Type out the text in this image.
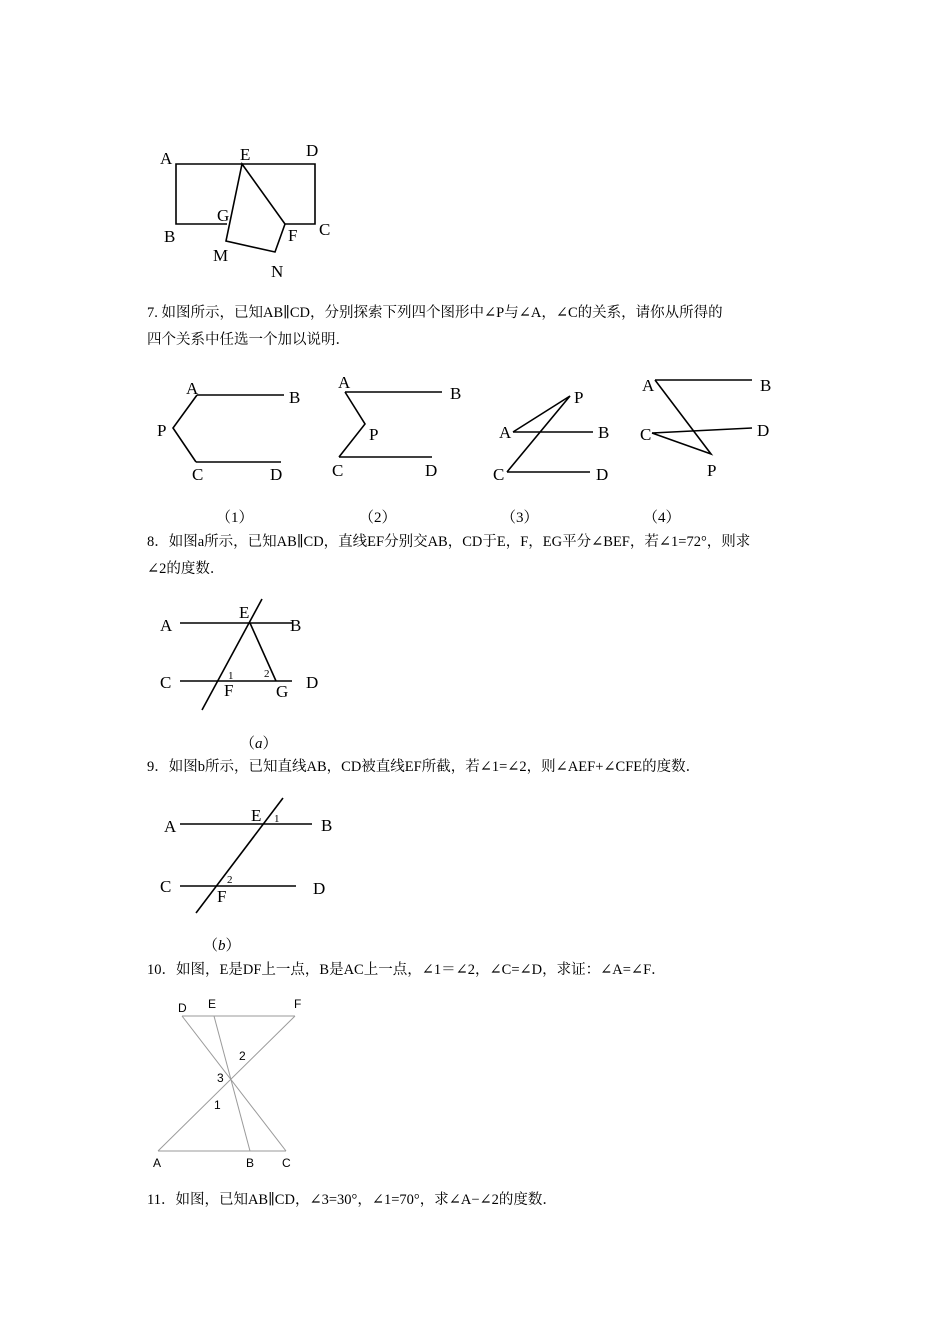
A	E	D
B
G
F C
M
N
7. 如图所示，已知AB∥CD，分别探索下列四个图形中∠P与∠A，∠C的关系，请你从所得的
四个关系中任选一个加以说明．
A	B
P
C	D
A
B
P
C	D
A	B
P
C	D
A	B
C	D
P
（1）	（2）	（3）	（4）
8．如图a所示，已知AB∥CD，直线EF分别交AB，CD于E，F，EG平分∠BEF，若∠1=72°，则求
∠2的度数．
A
E
B
C	1	2
F	G D
（a）
9．如图b所示，已知直线AB，CD被直线EF所截，若∠1=∠2，则∠AEF+∠CFE的度数．
A
E 1 B
C	2
F	D
（b）
10．如图，E是DF上一点，B是AC上一点，∠1＝∠2，∠C=∠D，求证：∠A=∠F．
D E	F
2
3
1
A	B C
11．如图，已知AB∥CD，∠3=30°，∠1=70°，求∠A−∠2的度数．
